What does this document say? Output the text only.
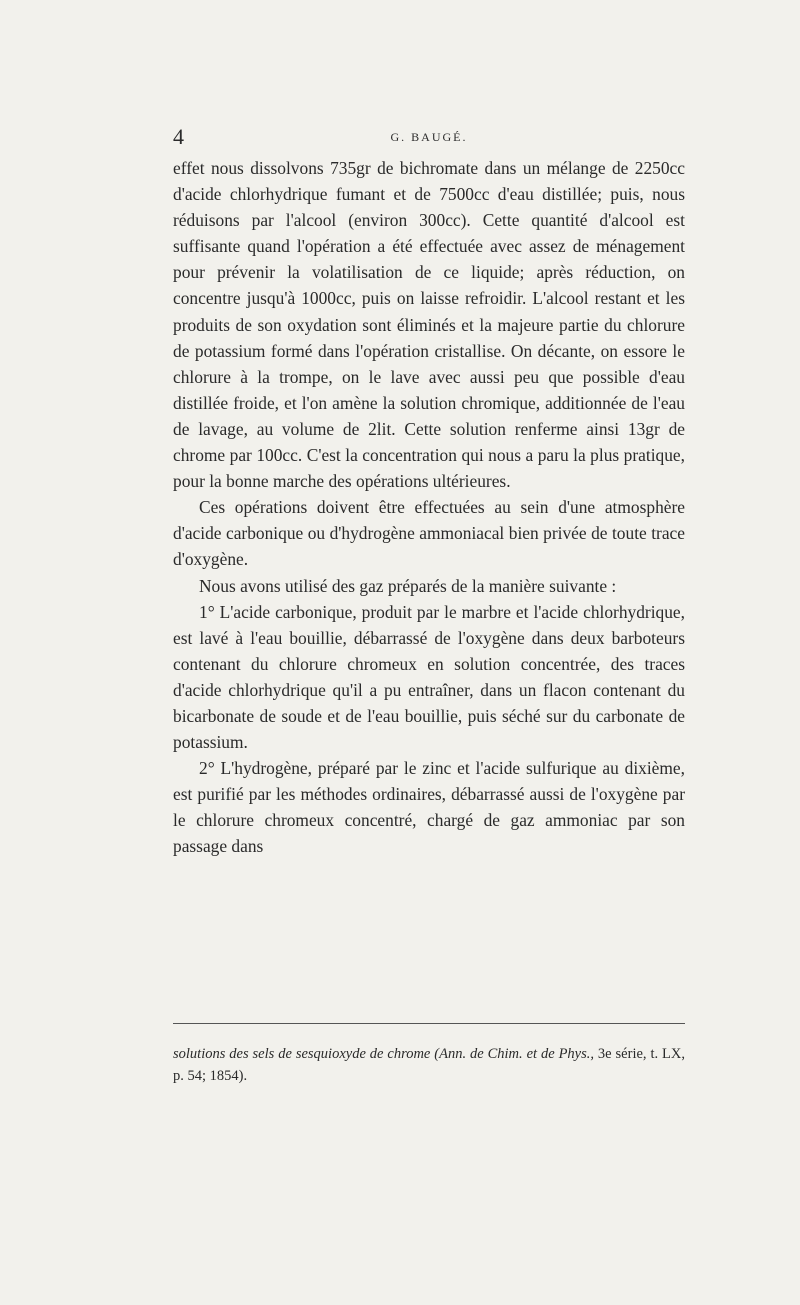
4	G. BAUGÉ.

effet nous dissolvons 735gr de bichromate dans un mélange de 2250cc d'acide chlorhydrique fumant et de 7500cc d'eau distillée; puis, nous réduisons par l'alcool (environ 300cc). Cette quantité d'alcool est suffisante quand l'opération a été effectuée avec assez de ménagement pour prévenir la volatilisation de ce liquide; après réduction, on concentre jusqu'à 1000cc, puis on laisse refroidir. L'alcool restant et les produits de son oxydation sont éliminés et la majeure partie du chlorure de potassium formé dans l'opération cristallise. On décante, on essore le chlorure à la trompe, on le lave avec aussi peu que possible d'eau distillée froide, et l'on amène la solution chromique, additionnée de l'eau de lavage, au volume de 2lit. Cette solution renferme ainsi 13gr de chrome par 100cc. C'est la concentration qui nous a paru la plus pratique, pour la bonne marche des opérations ultérieures.

Ces opérations doivent être effectuées au sein d'une atmosphère d'acide carbonique ou d'hydrogène ammoniacal bien privée de toute trace d'oxygène.

Nous avons utilisé des gaz préparés de la manière suivante :

1° L'acide carbonique, produit par le marbre et l'acide chlorhydrique, est lavé à l'eau bouillie, débarrassé de l'oxygène dans deux barboteurs contenant du chlorure chromeux en solution concentrée, des traces d'acide chlorhydrique qu'il a pu entraîner, dans un flacon contenant du bicarbonate de soude et de l'eau bouillie, puis séché sur du carbonate de potassium.

2° L'hydrogène, préparé par le zinc et l'acide sulfurique au dixième, est purifié par les méthodes ordinaires, débarrassé aussi de l'oxygène par le chlorure chromeux concentré, chargé de gaz ammoniac par son passage dans

solutions des sels de sesquioxyde de chrome (Ann. de Chim. et de Phys., 3e série, t. LX, p. 54; 1854).
